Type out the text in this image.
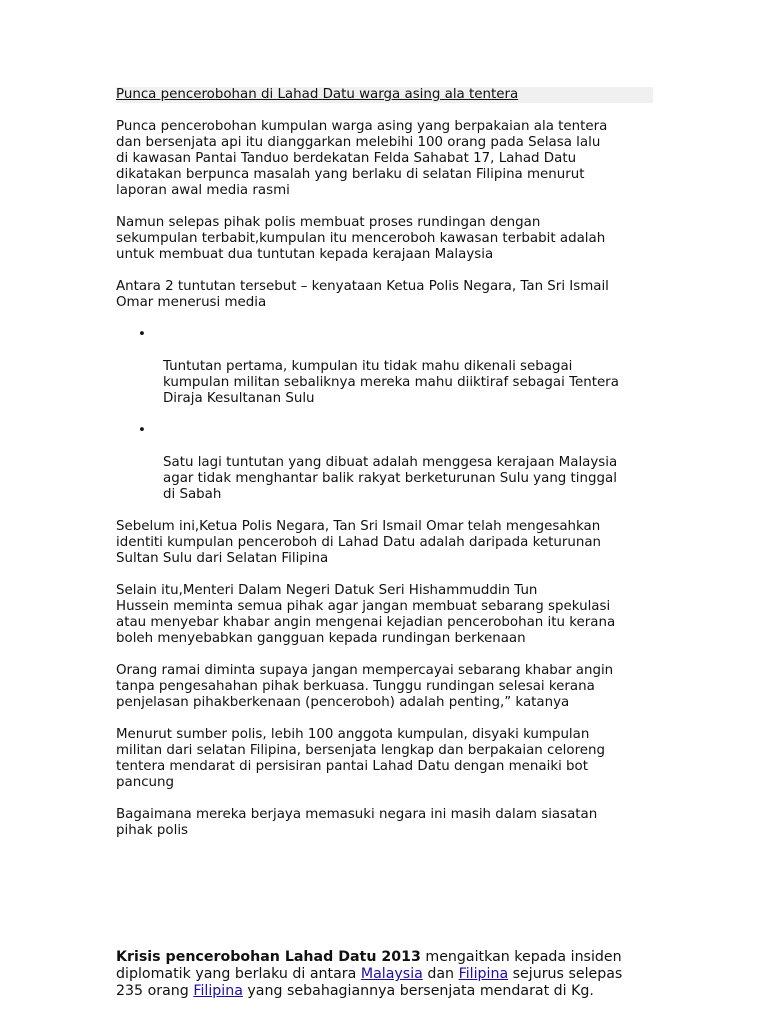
Punca pencerobohan di Lahad Datu warga asing ala tentera

Punca pencerobohan kumpulan warga asing yang berpakaian ala tentera
dan bersenjata api itu dianggarkan melebihi 100 orang pada Selasa lalu
di kawasan Pantai Tanduo berdekatan Felda Sahabat 17, Lahad Datu
dikatakan berpunca masalah yang berlaku di selatan Filipina menurut
laporan awal media rasmi

Namun selepas pihak polis membuat proses rundingan dengan
sekumpulan terbabit,kumpulan itu menceroboh kawasan terbabit adalah
untuk membuat dua tuntutan kepada kerajaan Malaysia

Antara 2 tuntutan tersebut – kenyataan Ketua Polis Negara, Tan Sri Ismail
Omar menerusi media

•

Tuntutan pertama, kumpulan itu tidak mahu dikenali sebagai
kumpulan militan sebaliknya mereka mahu diiktiraf sebagai Tentera
Diraja Kesultanan Sulu

•

Satu lagi tuntutan yang dibuat adalah menggesa kerajaan Malaysia
agar tidak menghantar balik rakyat berketurunan Sulu yang tinggal
di Sabah

Sebelum ini,Ketua Polis Negara, Tan Sri Ismail Omar telah mengesahkan
identiti kumpulan penceroboh di Lahad Datu adalah daripada keturunan
Sultan Sulu dari Selatan Filipina

Selain itu,Menteri Dalam Negeri Datuk Seri Hishammuddin Tun
Hussein meminta semua pihak agar jangan membuat sebarang spekulasi
atau menyebar khabar angin mengenai kejadian pencerobohan itu kerana
boleh menyebabkan gangguan kepada rundingan berkenaan

Orang ramai diminta supaya jangan mempercayai sebarang khabar angin
tanpa pengesahahan pihak berkuasa. Tunggu rundingan selesai kerana
penjelasan pihakberkenaan (penceroboh) adalah penting,” katanya

Menurut sumber polis, lebih 100 anggota kumpulan, disyaki kumpulan
militan dari selatan Filipina, bersenjata lengkap dan berpakaian celoreng
tentera mendarat di persisiran pantai Lahad Datu dengan menaiki bot
pancung

Bagaimana mereka berjaya memasuki negara ini masih dalam siasatan
pihak polis

Krisis pencerobohan Lahad Datu 2013 mengaitkan kepada insiden
diplomatik yang berlaku di antara Malaysia dan Filipina sejurus selepas
235 orang Filipina yang sebahagiannya bersenjata mendarat di Kg.
